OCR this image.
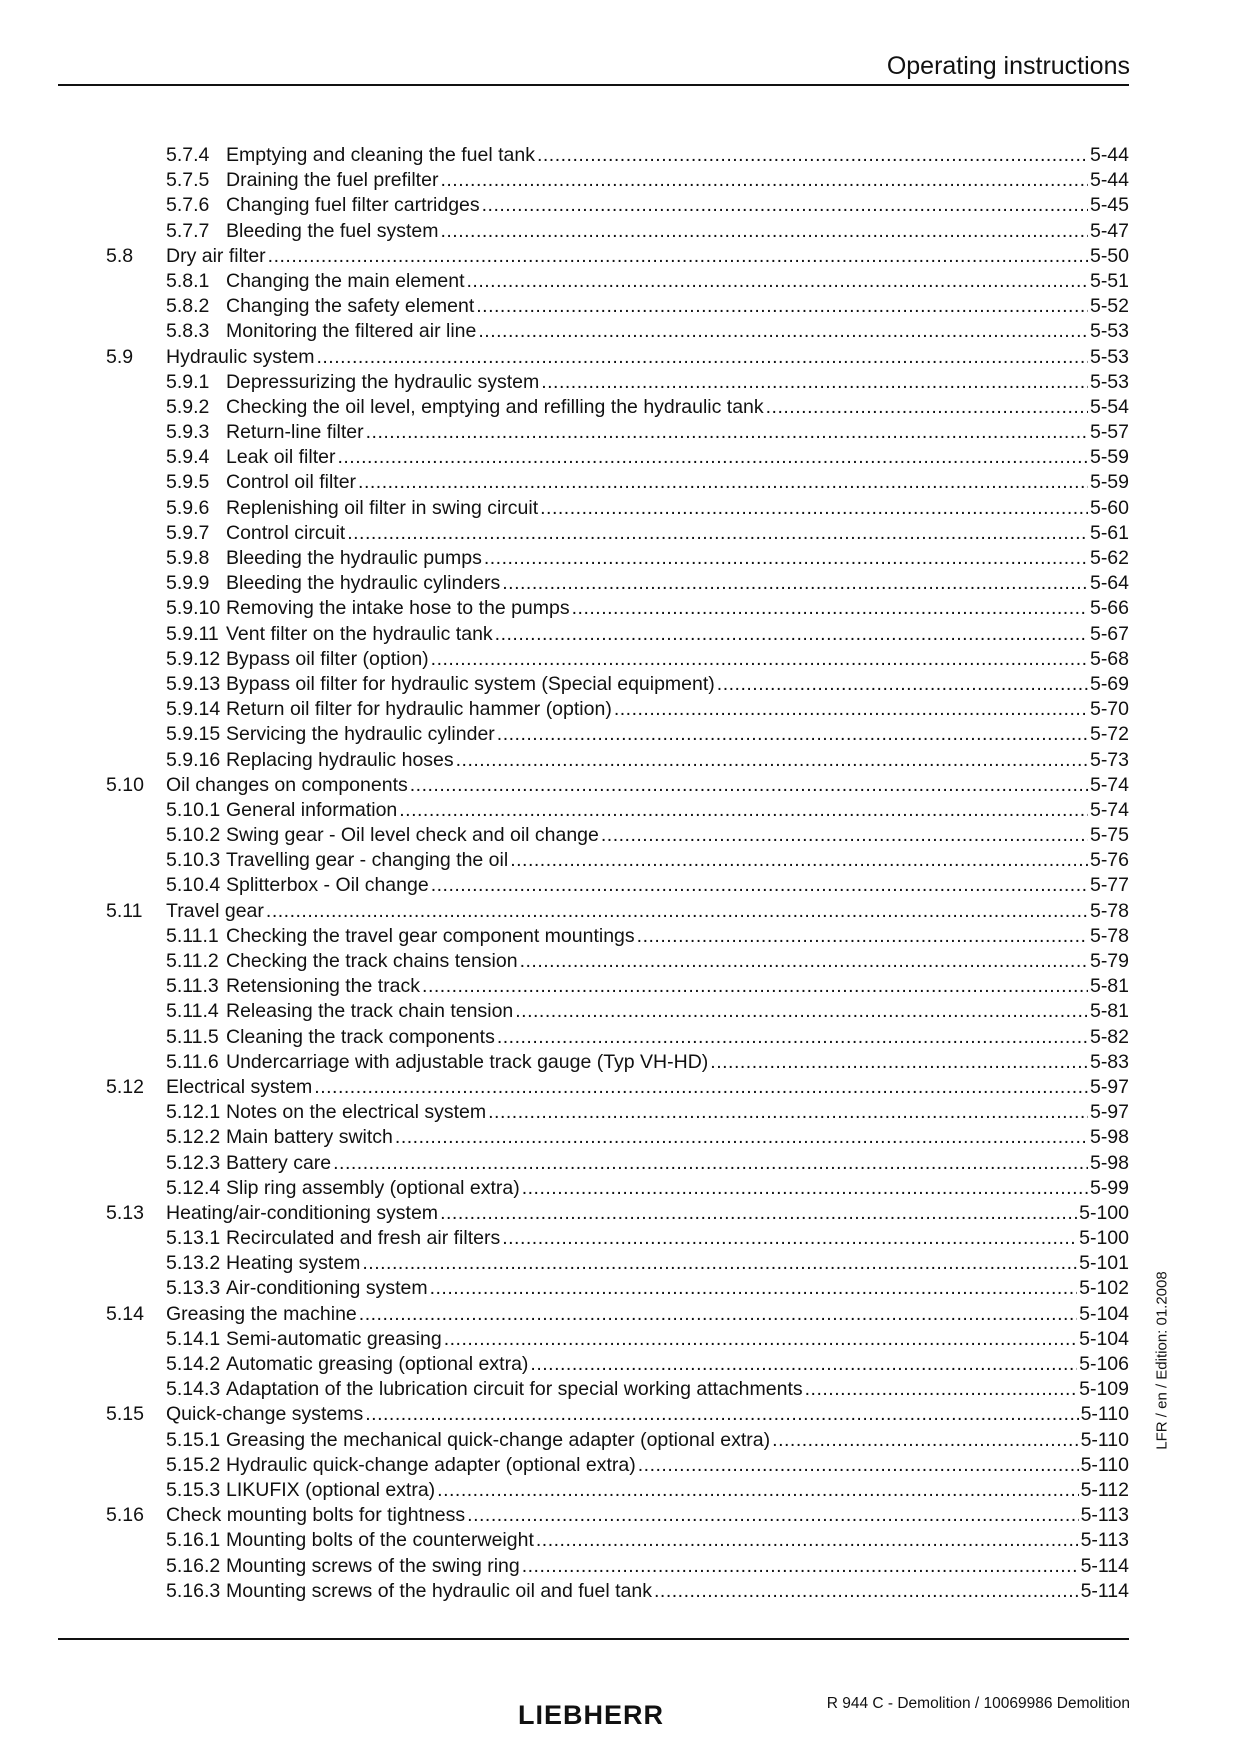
Operating instructions
5.7.4 Emptying and cleaning the fuel tank .....	5-44
5.7.5 Draining the fuel prefilter .....	5-44
5.7.6 Changing fuel filter cartridges .....	5-45
5.7.7 Bleeding the fuel system .....	5-47
5.8 Dry air filter .....	5-50
5.8.1 Changing the main element .....	5-51
5.8.2 Changing the safety element .....	5-52
5.8.3 Monitoring the filtered air line .....	5-53
5.9 Hydraulic system .....	5-53
5.9.1 Depressurizing the hydraulic system .....	5-53
5.9.2 Checking the oil level, emptying and refilling the hydraulic tank .....	5-54
5.9.3 Return-line filter .....	5-57
5.9.4 Leak oil filter .....	5-59
5.9.5 Control oil filter .....	5-59
5.9.6 Replenishing oil filter in swing circuit .....	5-60
5.9.7 Control circuit .....	5-61
5.9.8 Bleeding the hydraulic pumps .....	5-62
5.9.9 Bleeding the hydraulic cylinders .....	5-64
5.9.10 Removing the intake hose to the pumps .....	5-66
5.9.11 Vent filter on the hydraulic tank .....	5-67
5.9.12 Bypass oil filter (option) .....	5-68
5.9.13 Bypass oil filter for hydraulic system (Special equipment) .....	5-69
5.9.14 Return oil filter for hydraulic hammer (option) .....	5-70
5.9.15 Servicing the hydraulic cylinder .....	5-72
5.9.16 Replacing hydraulic hoses .....	5-73
5.10 Oil changes on components .....	5-74
5.10.1 General information .....	5-74
5.10.2 Swing gear - Oil level check and oil change .....	5-75
5.10.3 Travelling gear - changing the oil .....	5-76
5.10.4 Splitterbox - Oil change .....	5-77
5.11 Travel gear .....	5-78
5.11.1 Checking the travel gear component mountings .....	5-78
5.11.2 Checking the track chains tension .....	5-79
5.11.3 Retensioning the track .....	5-81
5.11.4 Releasing the track chain tension .....	5-81
5.11.5 Cleaning the track components .....	5-82
5.11.6 Undercarriage with adjustable track gauge (Typ VH-HD) .....	5-83
5.12 Electrical system .....	5-97
5.12.1 Notes on the electrical system .....	5-97
5.12.2 Main battery switch .....	5-98
5.12.3 Battery care .....	5-98
5.12.4 Slip ring assembly (optional extra) .....	5-99
5.13 Heating/air-conditioning system .....	5-100
5.13.1 Recirculated and fresh air filters .....	5-100
5.13.2 Heating system .....	5-101
5.13.3 Air-conditioning system .....	5-102
5.14 Greasing the machine .....	5-104
5.14.1 Semi-automatic greasing .....	5-104
5.14.2 Automatic greasing (optional extra) .....	5-106
5.14.3 Adaptation of the lubrication circuit for special working attachments .....	5-109
5.15 Quick-change systems .....	5-110
5.15.1 Greasing the mechanical quick-change adapter (optional extra) .....	5-110
5.15.2 Hydraulic quick-change adapter (optional extra) .....	5-110
5.15.3 LIKUFIX (optional extra) .....	5-112
5.16 Check mounting bolts for tightness .....	5-113
5.16.1 Mounting bolts of the counterweight .....	5-113
5.16.2 Mounting screws of the swing ring .....	5-114
5.16.3 Mounting screws of the hydraulic oil and fuel tank .....	5-114
LFR / en / Edition: 01.2008
R 944 C - Demolition / 10069986 Demolition
LIEBHERR
